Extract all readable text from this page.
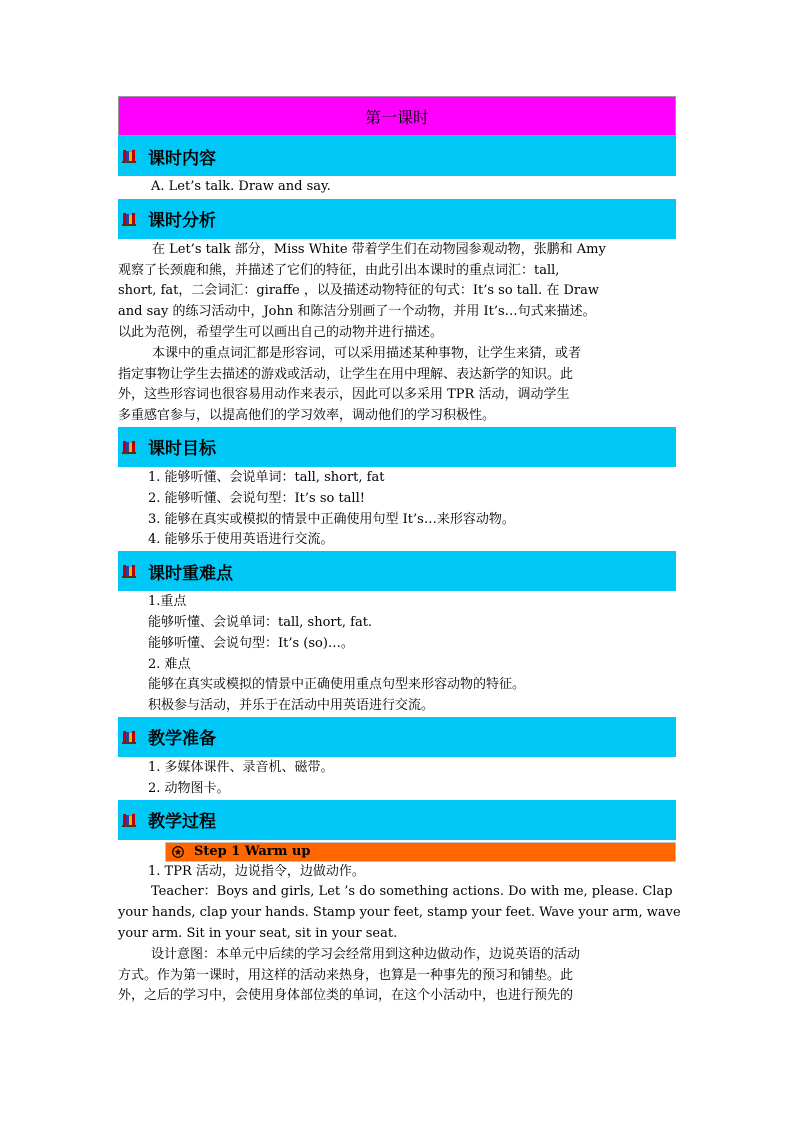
第一课时
课时内容
A. Let’s talk. Draw and say.
课时分析
在 Let’s talk 部分，Miss White 带着学生们在动物园参观动物，张鹏和 Amy
观察了长颈鹿和熊，并描述了它们的特征，由此引出本课时的重点词汇：tall,
short, fat，二会词汇：giraffe ，以及描述动物特征的句式：It’s so tall. 在 Draw
and say 的练习活动中，John 和陈洁分别画了一个动物，并用 It’s…句式来描述。
以此为范例，希望学生可以画出自己的动物并进行描述。
本课中的重点词汇都是形容词，可以采用描述某种事物，让学生来猜，或者
指定事物让学生去描述的游戏或活动，让学生在用中理解、表达新学的知识。此
外，这些形容词也很容易用动作来表示，因此可以多采用 TPR 活动，调动学生
多重感官参与，以提高他们的学习效率，调动他们的学习积极性。
课时目标
1. 能够听懂、会说单词：tall, short, fat
2. 能够听懂、会说句型：It’s so tall!
3. 能够在真实或模拟的情景中正确使用句型 It’s…来形容动物。
4. 能够乐于使用英语进行交流。
课时重难点
1.重点
能够听懂、会说单词：tall, short, fat.
能够听懂、会说句型：It’s (so)…。
2. 难点
能够在真实或模拟的情景中正确使用重点句型来形容动物的特征。
积极参与活动，并乐于在活动中用英语进行交流。
教学准备
1. 多媒体课件、录音机、磁带。
2. 动物图卡。
教学过程
Step 1 Warm up
1. TPR 活动，边说指令，边做动作。
Teacher：Boys and girls, Let ’s do something actions. Do with me, please. Clap
your hands, clap your hands. Stamp your feet, stamp your feet. Wave your arm, wave
your arm. Sit in your seat, sit in your seat.
设计意图：本单元中后续的学习会经常用到这种边做动作，边说英语的活动
方式。作为第一课时，用这样的活动来热身，也算是一种事先的预习和铺垫。此
外，之后的学习中，会使用身体部位类的单词，在这个小活动中，也进行预先的
